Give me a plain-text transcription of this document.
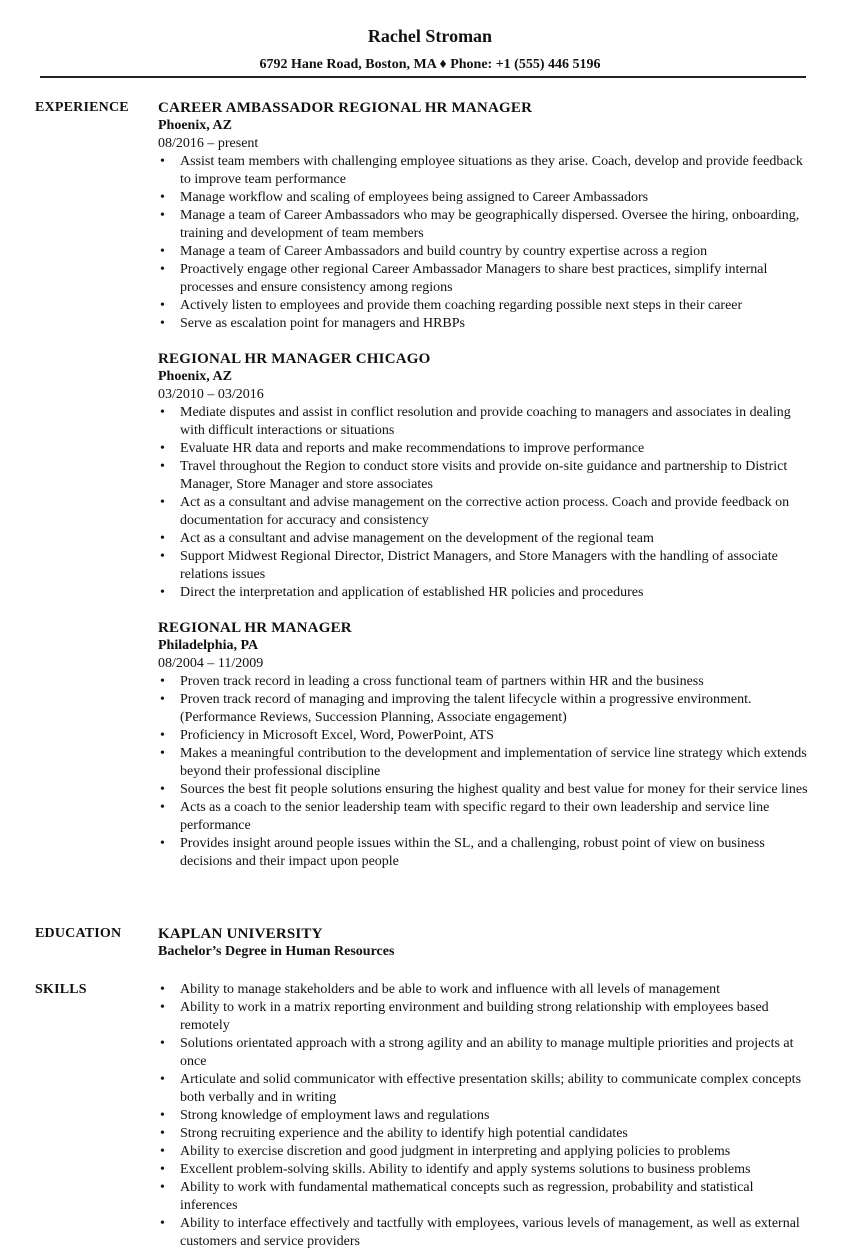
Rachel Stroman
6792 Hane Road, Boston, MA ♦ Phone: +1 (555) 446 5196
EXPERIENCE CAREER AMBASSADOR REGIONAL HR MANAGER
Phoenix, AZ
08/2016 – present
• Assist team members with challenging employee situations as they arise. Coach, develop and provide feedback to improve team performance
• Manage workflow and scaling of employees being assigned to Career Ambassadors
• Manage a team of Career Ambassadors who may be geographically dispersed. Oversee the hiring, onboarding, training and development of team members
• Manage a team of Career Ambassadors and build country by country expertise across a region
• Proactively engage other regional Career Ambassador Managers to share best practices, simplify internal processes and ensure consistency among regions
• Actively listen to employees and provide them coaching regarding possible next steps in their career
• Serve as escalation point for managers and HRBPs
REGIONAL HR MANAGER CHICAGO
Phoenix, AZ
03/2010 – 03/2016
• Mediate disputes and assist in conflict resolution and provide coaching to managers and associates in dealing with difficult interactions or situations
• Evaluate HR data and reports and make recommendations to improve performance
• Travel throughout the Region to conduct store visits and provide on-site guidance and partnership to District Manager, Store Manager and store associates
• Act as a consultant and advise management on the corrective action process. Coach and provide feedback on documentation for accuracy and consistency
• Act as a consultant and advise management on the development of the regional team
• Support Midwest Regional Director, District Managers, and Store Managers with the handling of associate relations issues
• Direct the interpretation and application of established HR policies and procedures
REGIONAL HR MANAGER
Philadelphia, PA
08/2004 – 11/2009
• Proven track record in leading a cross functional team of partners within HR and the business
• Proven track record of managing and improving the talent lifecycle within a progressive environment. (Performance Reviews, Succession Planning, Associate engagement)
• Proficiency in Microsoft Excel, Word, PowerPoint, ATS
• Makes a meaningful contribution to the development and implementation of service line strategy which extends beyond their professional discipline
• Sources the best fit people solutions ensuring the highest quality and best value for money for their service lines
• Acts as a coach to the senior leadership team with specific regard to their own leadership and service line performance
• Provides insight around people issues within the SL, and a challenging, robust point of view on business decisions and their impact upon people
EDUCATION KAPLAN UNIVERSITY
Bachelor’s Degree in Human Resources
SKILLS
•	Ability to manage stakeholders and be able to work and influence with all levels of management
• Ability to work in a matrix reporting environment and building strong relationship with employees based remotely
• Solutions orientated approach with a strong agility and an ability to manage multiple priorities and projects at once
• Articulate and solid communicator with effective presentation skills; ability to communicate complex concepts both verbally and in writing
• Strong knowledge of employment laws and regulations
• Strong recruiting experience and the ability to identify high potential candidates
• Ability to exercise discretion and good judgment in interpreting and applying policies to problems
• Excellent problem-solving skills. Ability to identify and apply systems solutions to business problems
• Ability to work with fundamental mathematical concepts such as regression, probability and statistical inferences
• Ability to interface effectively and tactfully with employees, various levels of management, as well as external customers and service providers
